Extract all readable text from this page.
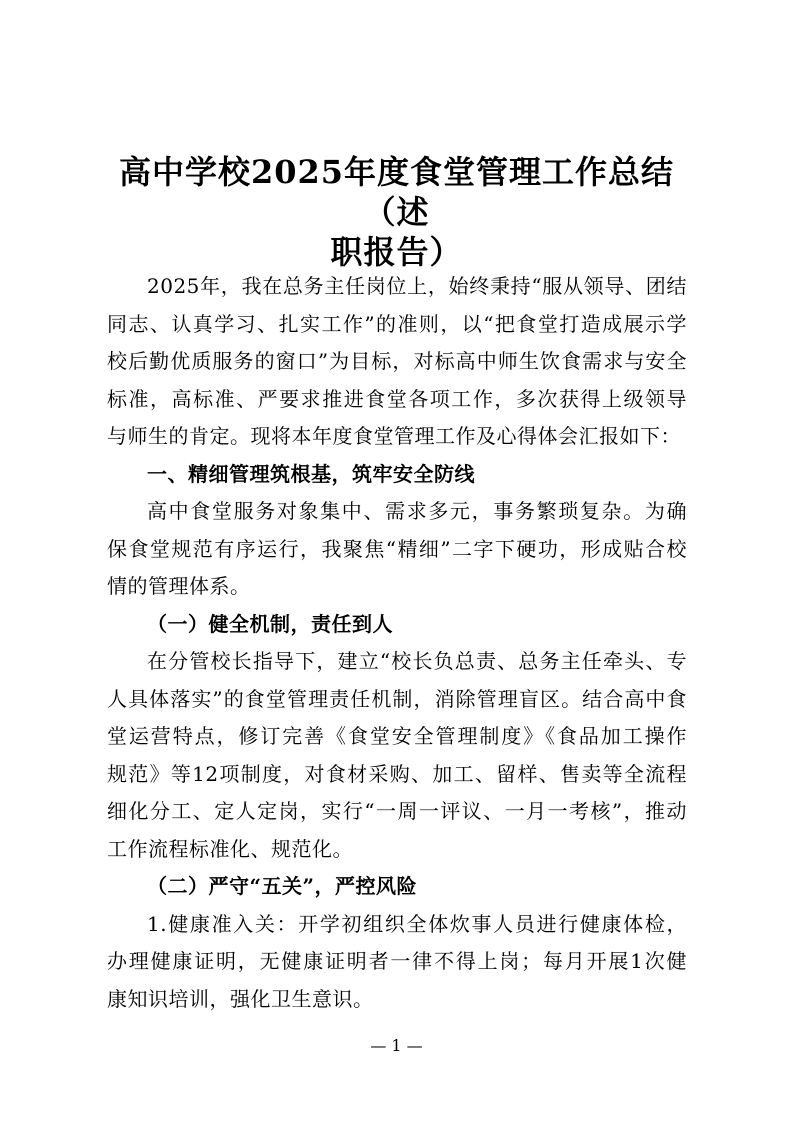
高中学校2025年度食堂管理工作总结（述
职报告）
2025年，我在总务主任岗位上，始终秉持“服从领导、团结
同志、认真学习、扎实工作”的准则，以“把食堂打造成展示学
校后勤优质服务的窗口”为目标，对标高中师生饮食需求与安全
标准，高标准、严要求推进食堂各项工作，多次获得上级领导
与师生的肯定。现将本年度食堂管理工作及心得体会汇报如下：
一、精细管理筑根基，筑牢安全防线
高中食堂服务对象集中、需求多元，事务繁琐复杂。为确
保食堂规范有序运行，我聚焦“精细”二字下硬功，形成贴合校
情的管理体系。
（一）健全机制，责任到人
在分管校长指导下，建立“校长负总责、总务主任牵头、专
人具体落实”的食堂管理责任机制，消除管理盲区。结合高中食
堂运营特点，修订完善《食堂安全管理制度》《食品加工操作
规范》等12项制度，对食材采购、加工、留样、售卖等全流程
细化分工、定人定岗，实行“一周一评议、一月一考核”，推动
工作流程标准化、规范化。
（二）严守“五关”，严控风险
1.健康准入关：开学初组织全体炊事人员进行健康体检，
办理健康证明，无健康证明者一律不得上岗；每月开展1次健
康知识培训，强化卫生意识。
— 1 —
